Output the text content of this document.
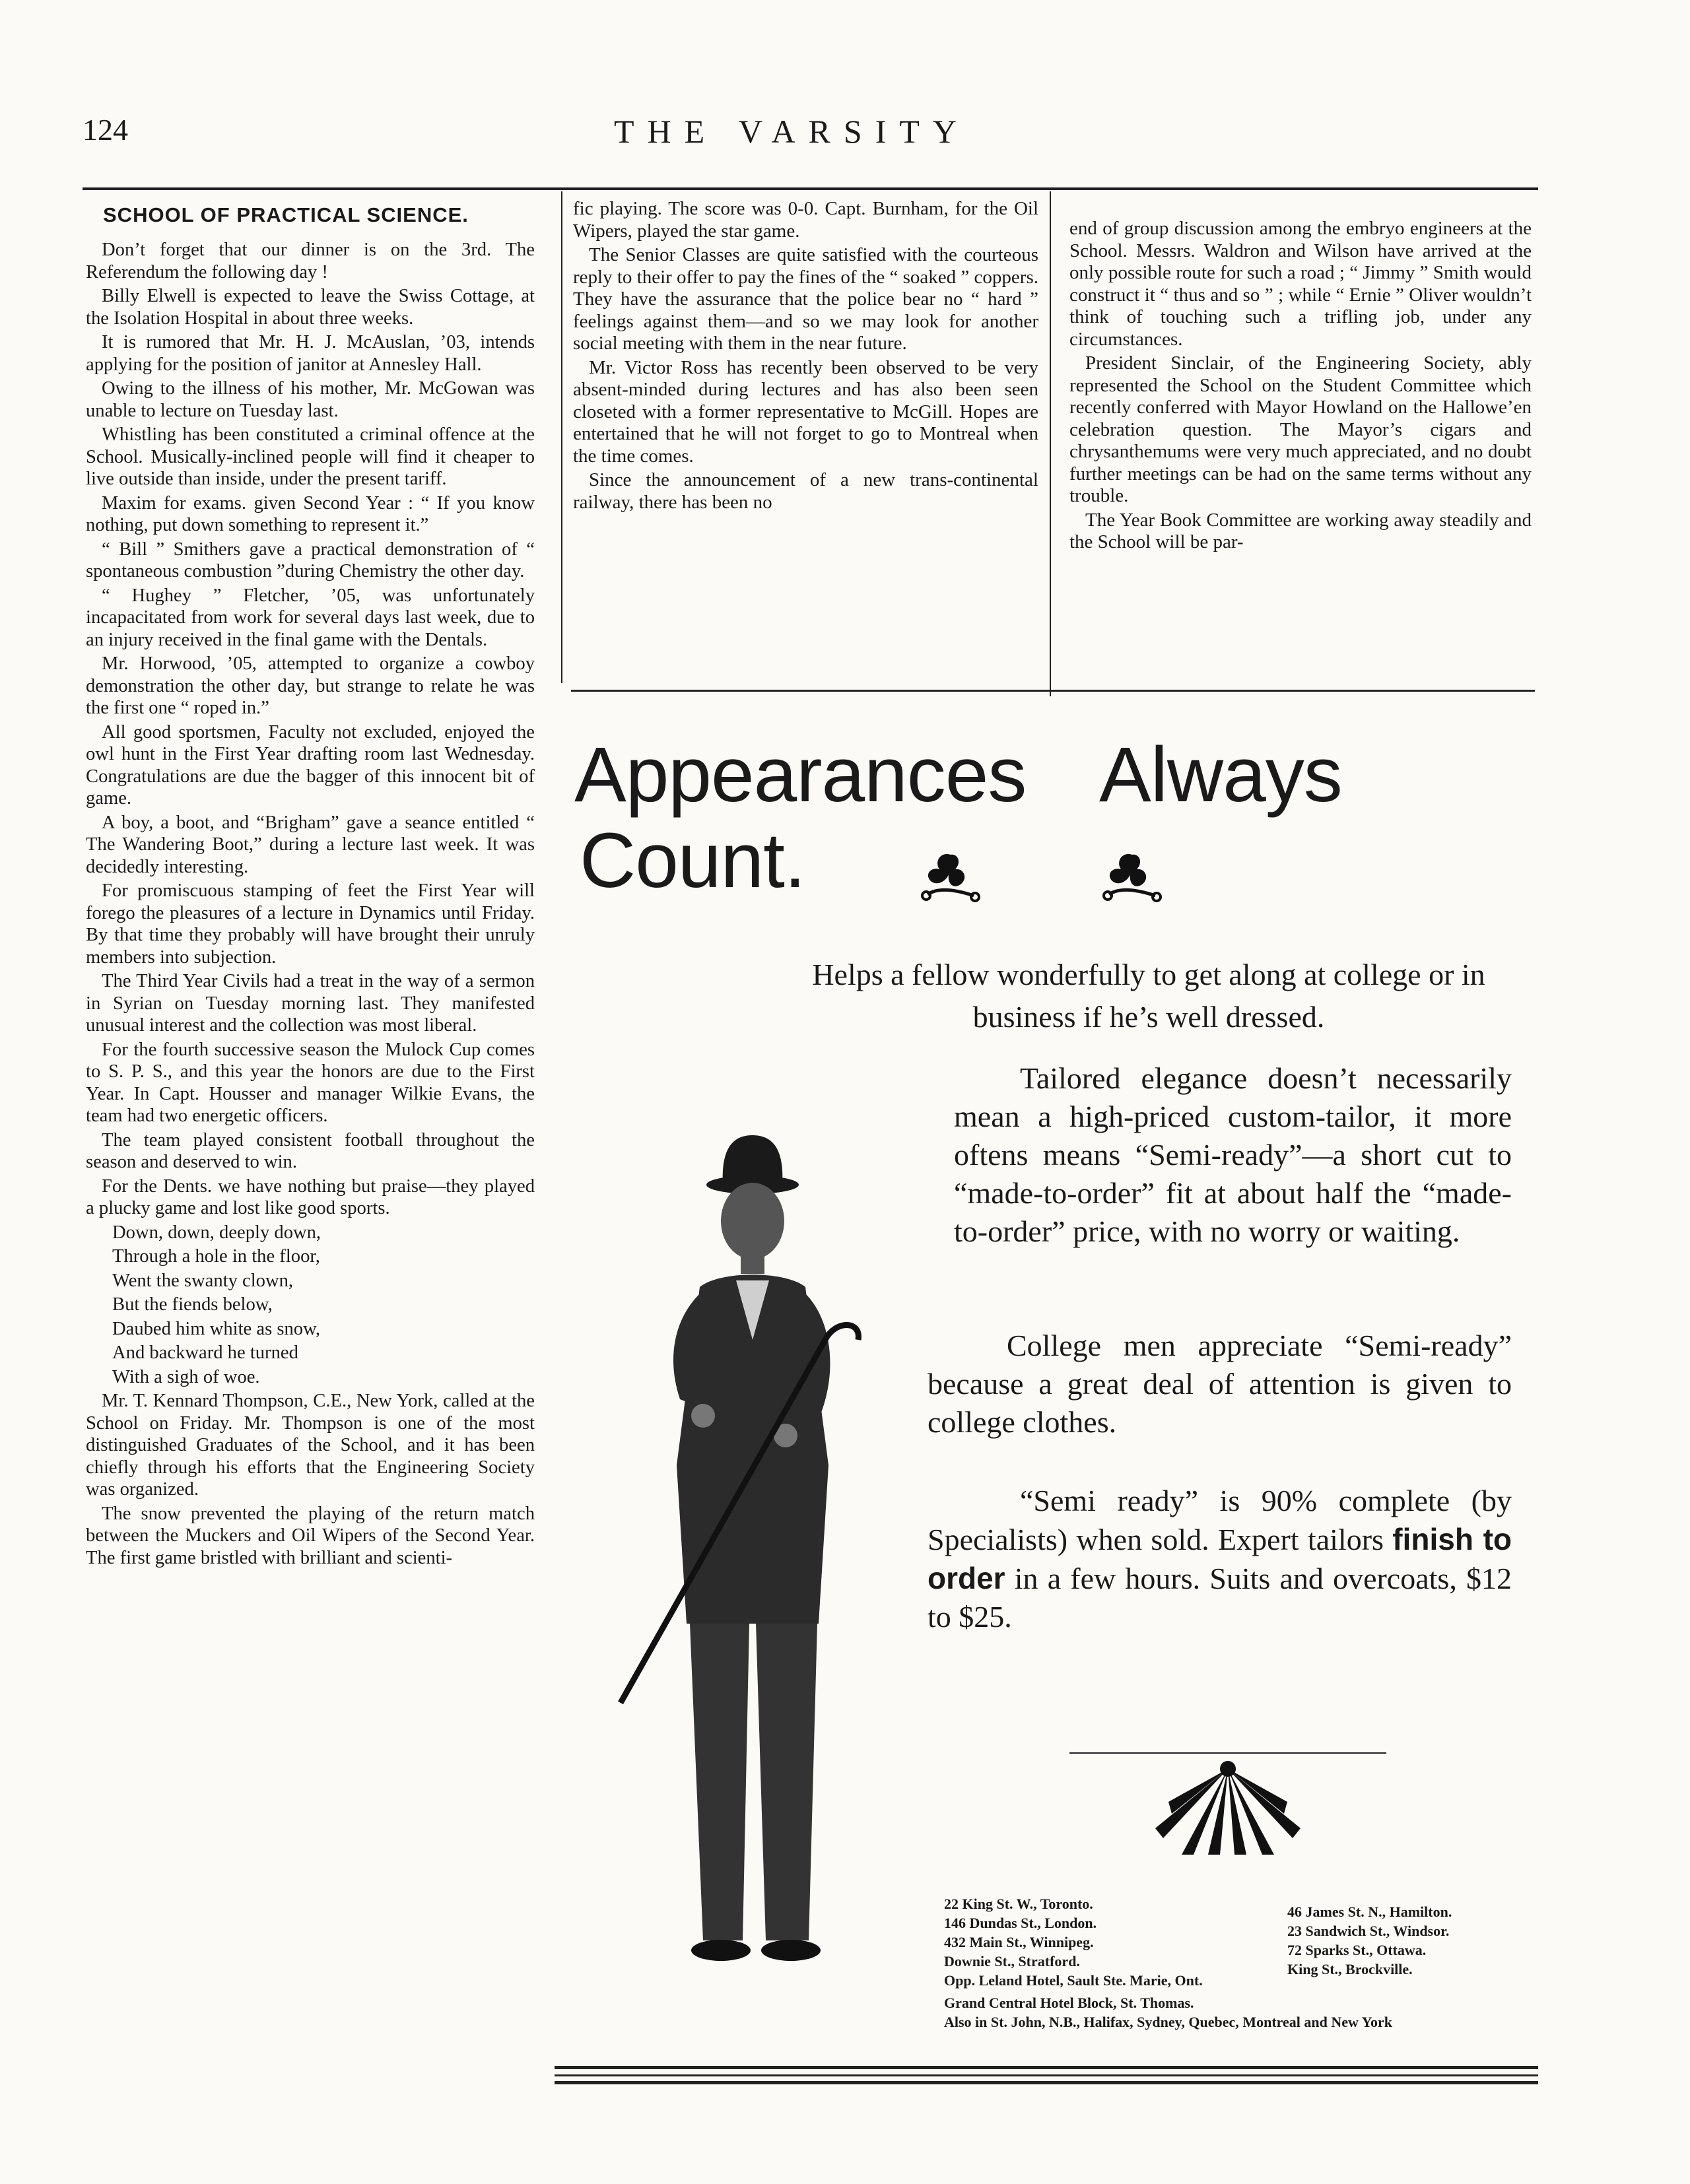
124	THE VARSITY
SCHOOL OF PRACTICAL SCIENCE.

Don’t forget that our dinner is on the 3rd. The Referendum the following day !

Billy Elwell is expected to leave the Swiss Cottage, at the Isolation Hospital in about three weeks.

It is rumored that Mr. H. J. McAuslan, ’03, intends applying for the position of janitor at Annesley Hall.

Owing to the illness of his mother, Mr. McGowan was unable to lecture on Tuesday last.

Whistling has been constituted a criminal offence at the School. Musically-inclined people will find it cheaper to live outside than inside, under the present tariff.

Maxim for exams. given Second Year : “ If you know nothing, put down something to represent it.”

“ Bill ” Smithers gave a practical demonstration of “ spontaneous combustion ”during Chemistry the other day.

“ Hughey ” Fletcher, ’05, was unfortunately incapacitated from work for several days last week, due to an injury received in the final game with the Dentals.

Mr. Horwood, ’05, attempted to organize a cowboy demonstration the other day, but strange to relate he was the first one “ roped in.”

All good sportsmen, Faculty not excluded, enjoyed the owl hunt in the First Year drafting room last Wednesday. Congratulations are due the bagger of this innocent bit of game.

A boy, a boot, and “Brigham” gave a seance entitled “ The Wandering Boot,” during a lecture last week. It was decidedly interesting.

For promiscuous stamping of feet the First Year will forego the pleasures of a lecture in Dynamics until Friday. By that time they probably will have brought their unruly members into subjection.

The Third Year Civils had a treat in the way of a sermon in Syrian on Tuesday morning last. They manifested unusual interest and the collection was most liberal.

For the fourth successive season the Mulock Cup comes to S. P. S., and this year the honors are due to the First Year. In Capt. Housser and manager Wilkie Evans, the team had two energetic officers.

The team played consistent football throughout the season and deserved to win.

For the Dents. we have nothing but praise—they played a plucky game and lost like good sports.

Down, down, deeply down,
Through a hole in the floor,
Went the swanty clown,
But the fiends below,
Daubed him white as snow,
And backward he turned
With a sigh of woe.

Mr. T. Kennard Thompson, C.E., New York, called at the School on Friday. Mr. Thompson is one of the most distinguished Graduates of the School, and it has been chiefly through his efforts that the Engineering Society was organized.

The snow prevented the playing of the return match between the Muckers and Oil Wipers of the Second Year. The first game bristled with brilliant and scienti-

fic playing. The score was 0-0. Capt. Burnham, for the Oil Wipers, played the star game.

The Senior Classes are quite satisfied with the courteous reply to their offer to pay the fines of the “ soaked ” coppers. They have the assurance that the police bear no “ hard ” feelings against them—and so we may look for another social meeting with them in the near future.

Mr. Victor Ross has recently been observed to be very absent-minded during lectures and has also been seen closeted with a former representative to McGill. Hopes are entertained that he will not forget to go to Montreal when the time comes.

Since the announcement of a new trans-continental railway, there has been no

end of group discussion among the embryo engineers at the School. Messrs. Waldron and Wilson have arrived at the only possible route for such a road ; “ Jimmy ” Smith would construct it “ thus and so ” ; while “ Ernie ” Oliver wouldn’t think of touching such a trifling job, under any circumstances.

President Sinclair, of the Engineering Society, ably represented the School on the Student Committee which recently conferred with Mayor Howland on the Hallowe’en celebration question. The Mayor’s cigars and chrysanthemums were very much appreciated, and no doubt further meetings can be had on the same terms without any trouble.

The Year Book Committee are working away steadily and the School will be par-

Appearances Always
Count.
Helps a fellow wonderfully to get along at college or in business if he’s well dressed.
Tailored elegance doesn’t necessarily mean a high-priced custom-tailor, it more oftens means “Semi-ready”—a short cut to “made-to-order” fit at about half the “made-to-order” price, with no worry or waiting.
College men appreciate “Semi-ready” because a great deal of attention is given to college clothes.
“Semi ready” is 90% complete (by Specialists) when sold. Expert tailors finish to order in a few hours. Suits and overcoats, $12 to $25.
22 King St. W., Toronto.
146 Dundas St., London.
432 Main St., Winnipeg.
Downie St., Stratford.
Opp. Leland Hotel, Sault Ste. Marie, Ont.
46 James St. N., Hamilton.
23 Sandwich St., Windsor.
72 Sparks St., Ottawa.
King St., Brockville.
Grand Central Hotel Block, St. Thomas.
Also in St. John, N.B., Halifax, Sydney, Quebec, Montreal and New York
